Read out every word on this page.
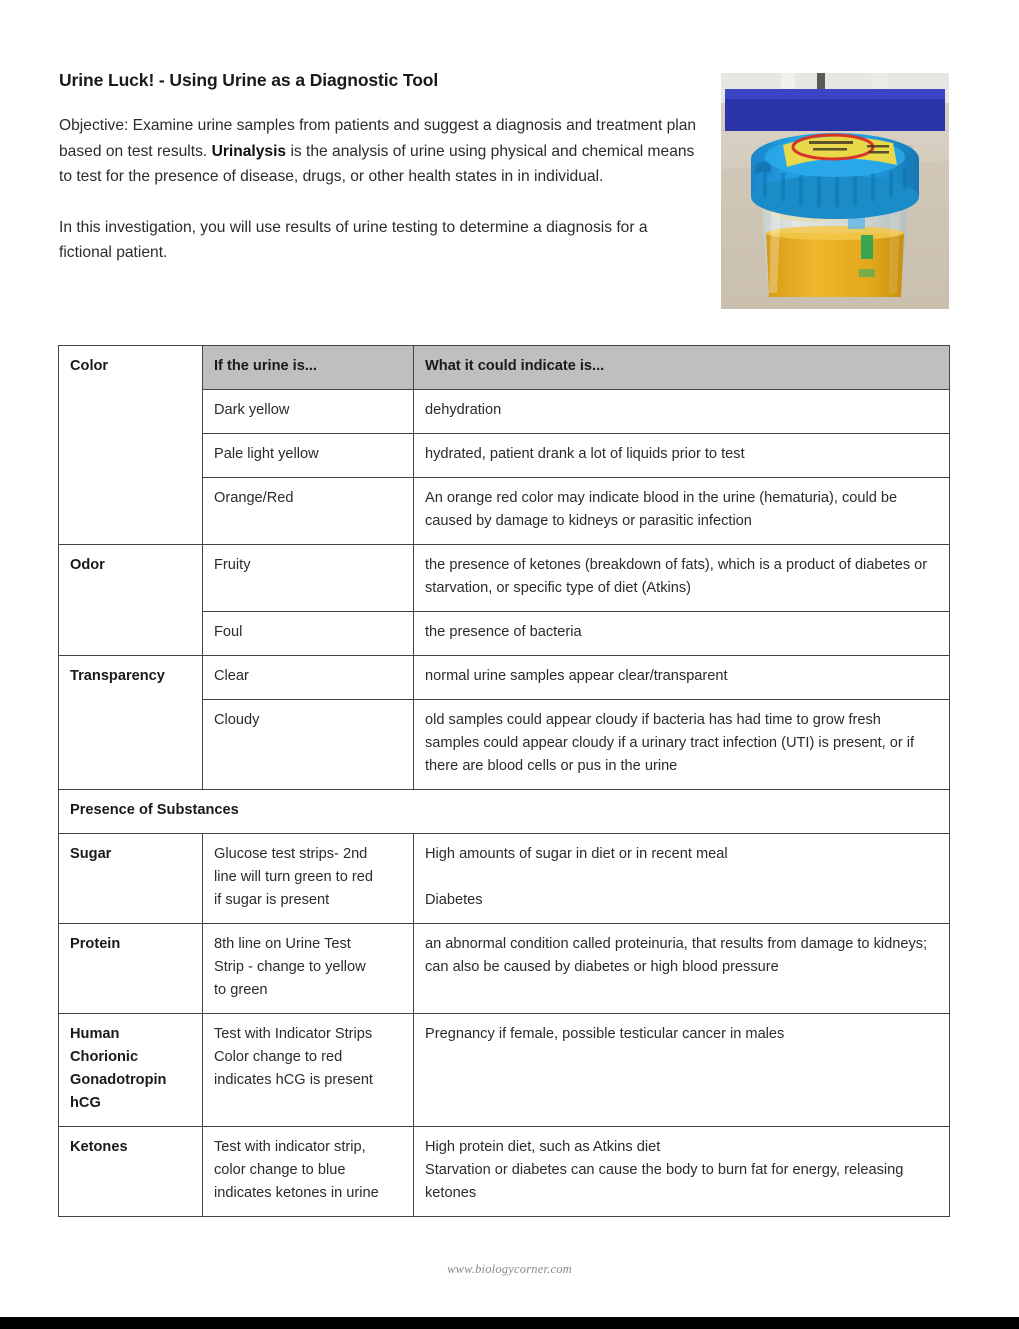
Urine Luck! - Using Urine as a Diagnostic Tool

Objective: Examine urine samples from patients and suggest a diagnosis and treatment plan based on test results. Urinalysis is the analysis of urine using physical and chemical means to test for the presence of disease, drugs, or other health states in in individual.

In this investigation, you will use results of urine testing to determine a diagnosis for a fictional patient.

Color	If the urine is...	What it could indicate is...
	Dark yellow	dehydration
	Pale light yellow	hydrated, patient drank a lot of liquids prior to test
	Orange/Red	An orange red color may indicate blood in the urine (hematuria), could be caused by damage to kidneys or parasitic infection
Odor	Fruity	the presence of ketones (breakdown of fats), which is a product of diabetes or starvation, or specific type of diet (Atkins)
	Foul	the presence of bacteria
Transparency	Clear	normal urine samples appear clear/transparent
	Cloudy	old samples could appear cloudy if bacteria has had time to grow fresh samples could appear cloudy if a urinary tract infection (UTI) is present, or if there are blood cells or pus in the urine
Presence of Substances		
Sugar	Glucose test strips- 2nd
line will turn green to red
if sugar is present	High amounts of sugar in diet or in recent meal
Diabetes

Protein	8th line on Urine Test
Strip - change to yellow
to green	an abnormal condition called proteinuria, that results from damage to kidneys; can also be caused by diabetes or high blood pressure

Human
Chorionic
Gonadotropin
hCG	Test with Indicator Strips
Color change to red
indicates hCG is present	Pregnancy if female, possible testicular cancer in males
Ketones	Test with indicator strip,
color change to blue
indicates ketones in urine	High protein diet, such as Atkins diet
Starvation or diabetes can cause the body to burn fat for energy, releasing ketones
www.biologycorner.com
